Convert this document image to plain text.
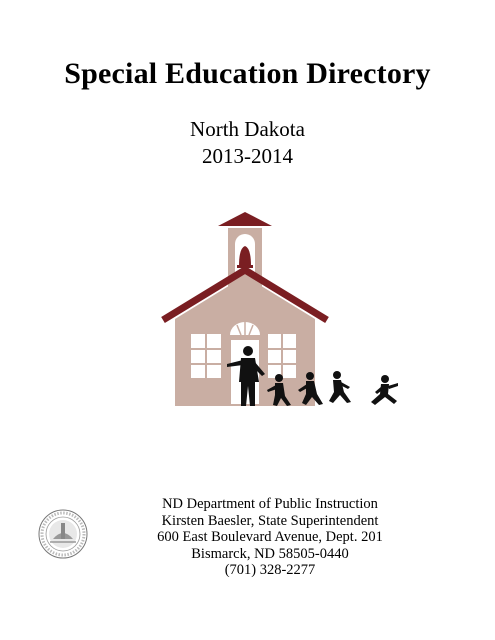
Special Education Directory
North Dakota
2013-2014
ND Department of Public Instruction
Kirsten Baesler, State Superintendent
600 East Boulevard Avenue, Dept. 201
Bismarck, ND 58505-0440
(701) 328-2277
